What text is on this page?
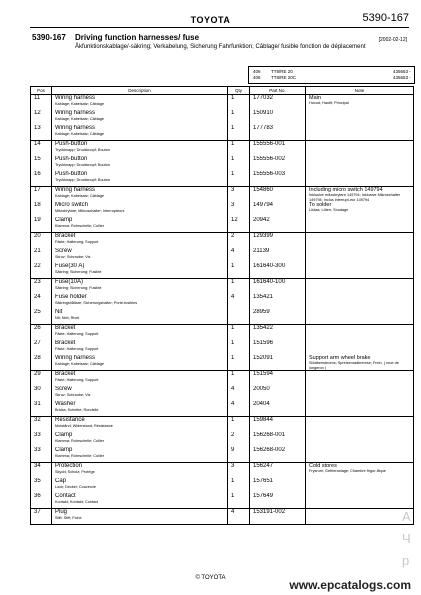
TOYOTA	5390-167
5390-167 Driving function harnesses/ fuse	[2002-02-12]
Åkfunktionskablage/-säkring; Verkabelung, Sicherung Fahrfunktion; Câblage/ fusible fonction de déplacement
406 TT8/RE 20	435653 -
406 TT8/RE 20C	435653 -
Pos	Description	Qty	Part No.	Note
11	Wiring harness
Kablage; Kabelsatz; Câblage	1	177032	Main
Huvud; Hauflt; Principal

12	Wiring harness
Kablage; Kabelsatz; Câblage	1	150910	

13	Wiring harness
Kablage; Kabelsatz; Câblage	1	177783	

14	Push-button
Tryckknapp; Druckknopf; Bouton	1	155556-001	

15	Push-button
Tryckknapp; Druckknopf; Bouton	1	155556-002	

16	Push-button
Tryckknapp; Druckknopf; Bouton	1	155556-003	

17	Wiring harness
Kablage; Kabelsatz; Câblage	3	154860	Including micro switch 149794
Inklusive mikrobrytare 149794; Inklusive Mikroschalter 149794; Inclus interrupt-eur 149794

18	Micro switch
Mikrobrytare; Mikroschalter; Interrupteurs	3	149794	To solder
Lödas; Löten; Soudage

19	Clamp
Klamma; Rohrschelle; Collier	12	20942	

20	Bracket
Fäste; Halterung; Support	2	129399	

21	Screw
Skruv; Schraube; Vis	4	21139	

22	Fuse(30 A)
Säkring; Sicherung; Fusible	1	161640-300	

23	Fuse(10A)
Säkring; Sicherung; Fusible	1	161640-100	

24	Fuse holder
Säkringshållare; Sicherungshalter; Porte-fusibles	4	135421	

25	Nit
Nit; Niet; Rivet		28959	

26	Bracket
Fäste; Halterung; Support	1	135422	

27	Bracket
Fäste; Halterung; Support	1	151596	

28	Wiring harness
Kablage; Kabelsatz; Câblage	1	152091	Support arm wheel brake
Stödbensbroms; Spreizenradbremse; Frein, ( roue de longeron )

29	Bracket
Fäste; Halterung; Support	1	151594	

30	Screw
Skruv; Schraube; Vis	4	20050	

31	Washer
Bricka; Scheibe; Rondelle	4	20404	

32	Resistance
Motstånd; Widerstand; Résistance	1	159844	

33	Clamp
Klamma; Rohrschelle; Collier	2	156268-001	

33	Clamp
Klamma; Rohrschelle; Collier	9	156268-002	

34	Protection
Skydd; Schutz; Protège	3	156247	Cold stores
Frysrum; Gefrieranlage; Chambre frigor-ifique

35	Cap
Lock; Deckel; Couvercle	1	157651	

36	Contact
Kontakt; Kontakt; Contact	1	157649	

37	Plug
Stift; Stift; Fiche	4	153191-002		А
Ч
р
© TOYOTA	www.epcatalogs.com
